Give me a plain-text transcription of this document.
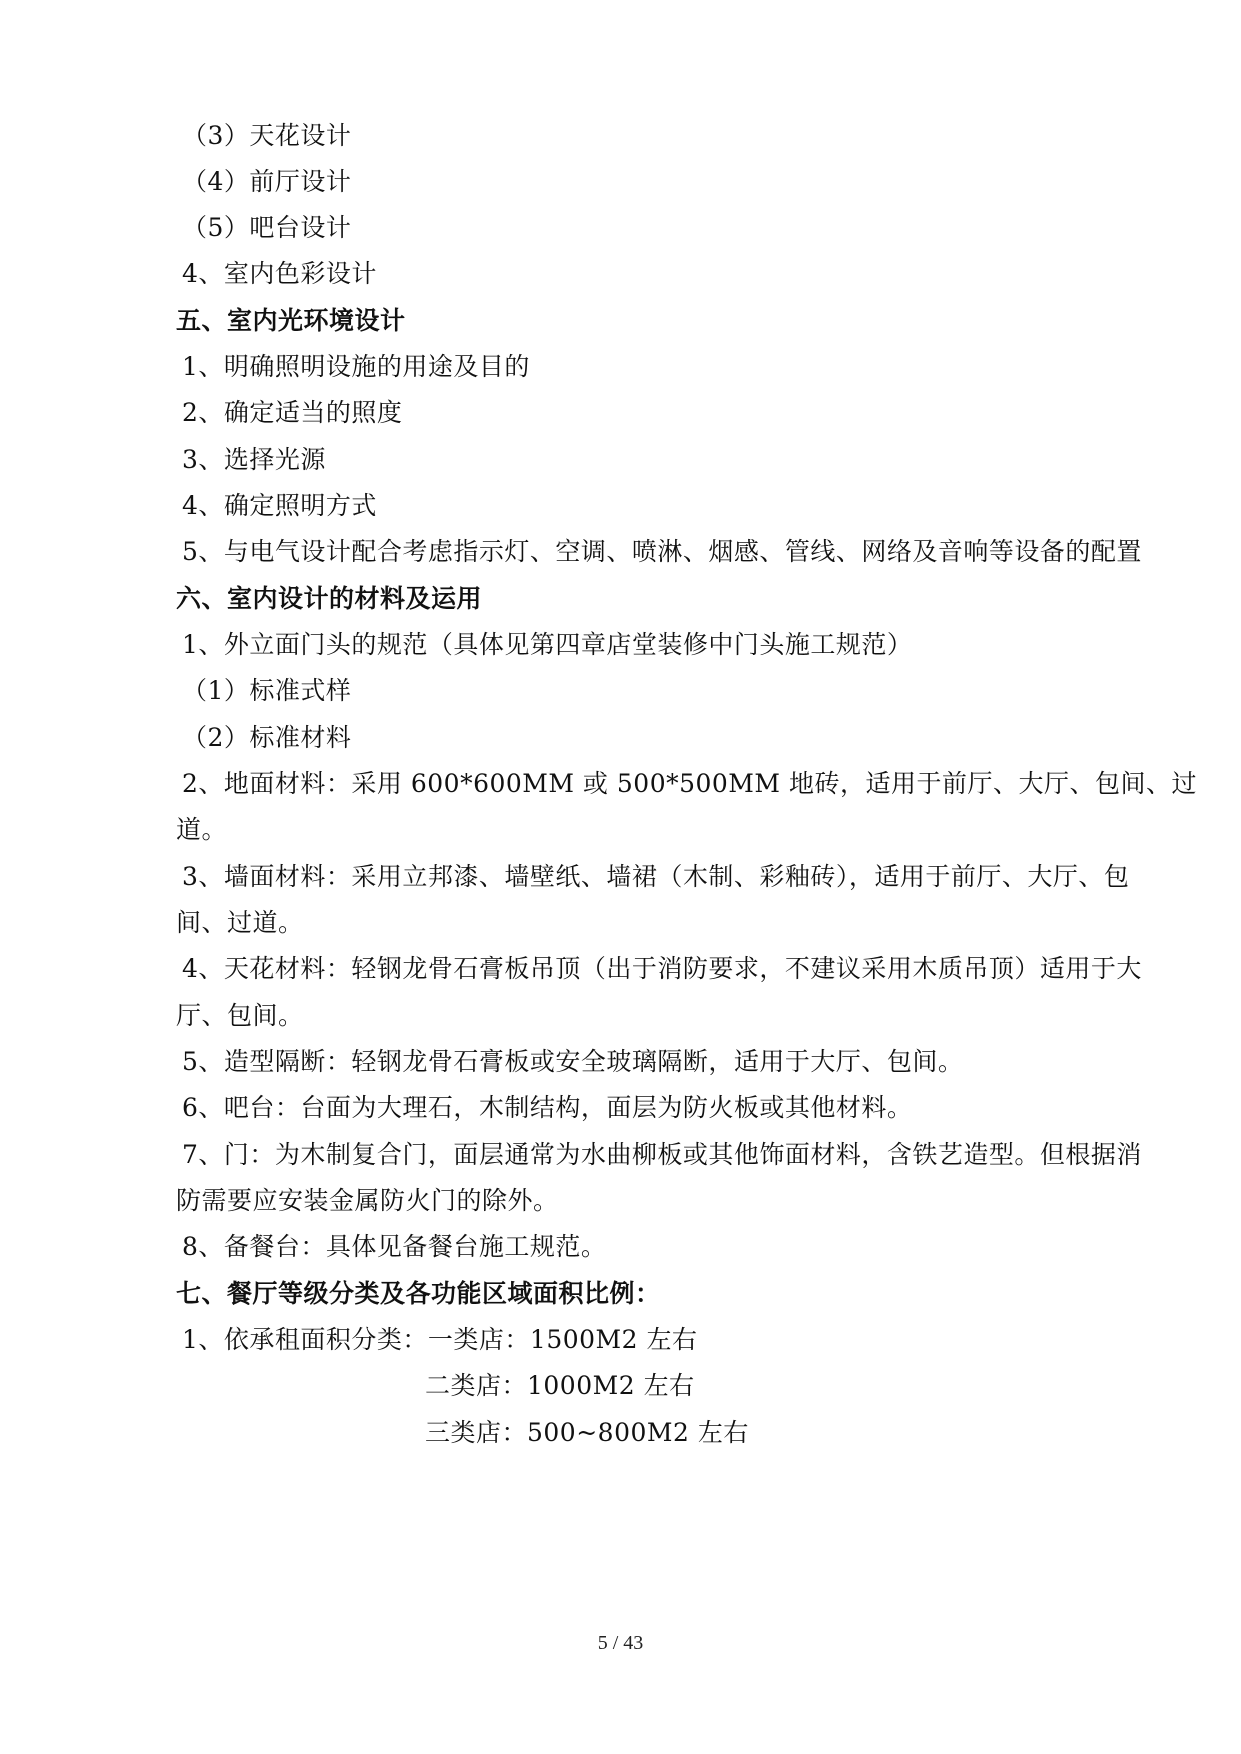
（3）天花设计
（4）前厅设计
（5）吧台设计
4、室内色彩设计
五、室内光环境设计
1、明确照明设施的用途及目的
2、确定适当的照度
3、选择光源
4、确定照明方式
5、与电气设计配合考虑指示灯、空调、喷淋、烟感、管线、网络及音响等设备的配置
六、室内设计的材料及运用
1、外立面门头的规范（具体见第四章店堂装修中门头施工规范）
（1）标准式样
（2）标准材料
2、地面材料：采用 600*600MM 或 500*500MM 地砖，适用于前厅、大厅、包间、过
道。
3、墙面材料：采用立邦漆、墙壁纸、墙裙（木制、彩釉砖），适用于前厅、大厅、包
间、过道。
4、天花材料：轻钢龙骨石膏板吊顶（出于消防要求，不建议采用木质吊顶）适用于大
厅、包间。
5、造型隔断：轻钢龙骨石膏板或安全玻璃隔断，适用于大厅、包间。
6、吧台：台面为大理石，木制结构，面层为防火板或其他材料。
7、门：为木制复合门，面层通常为水曲柳板或其他饰面材料，含铁艺造型。但根据消
防需要应安装金属防火门的除外。
8、备餐台：具体见备餐台施工规范。
七、餐厅等级分类及各功能区域面积比例：
1、依承租面积分类：一类店：1500M2 左右
二类店：1000M2 左右
三类店：500~800M2 左右
5 / 43
